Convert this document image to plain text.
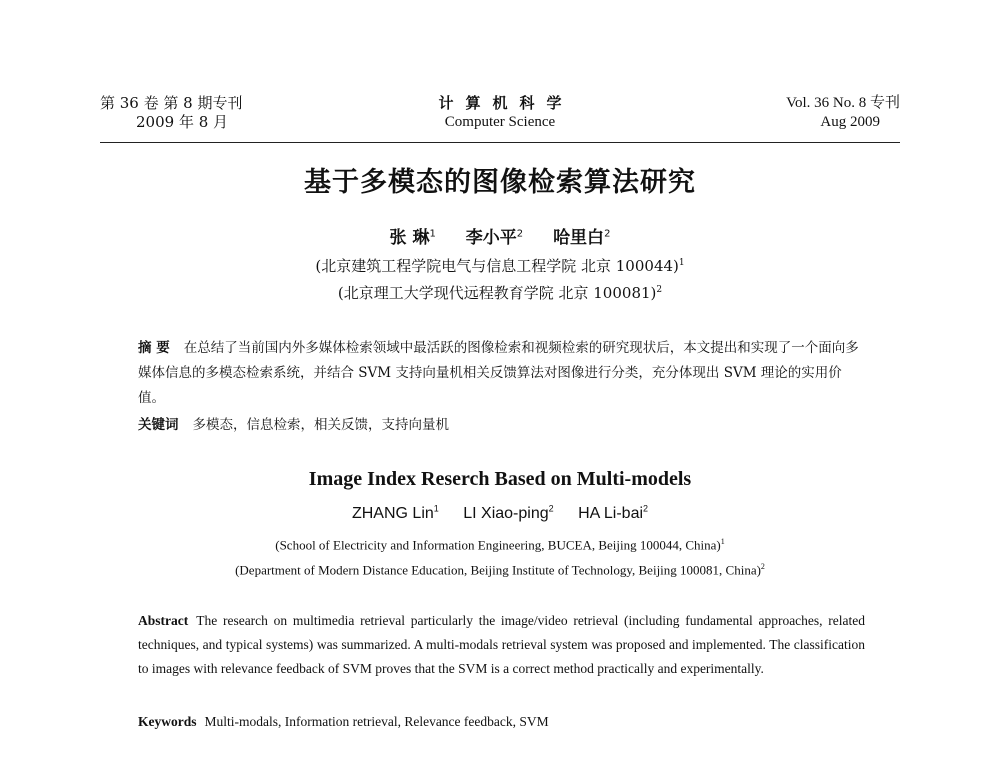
第 36 卷 第 8 期专刊
2009 年 8 月
计算机科学
Computer Science
Vol. 36 No. 8 专刊
Aug 2009
基于多模态的图像检索算法研究
张 琳$^1$ 李小平$^2$ 哈里白$^2$
(北京建筑工程学院电气与信息工程学院 北京 100044)$^1$
(北京理工大学现代远程教育学院 北京 100081)$^2$
摘 要 在总结了当前国内外多媒体检索领域中最活跃的图像检索和视频检索的研究现状后，本文提出和实现了一个面向多媒体信息的多模态检索系统，并结合 SVM 支持向量机相关反馈算法对图像进行分类，充分体现出 SVM 理论的实用价值。
关键词 多模态，信息检索，相关反馈，支持向量机
Image Index Reserch Based on Multi-models
ZHANG Lin$^1$ LI Xiao-ping$^2$ HA Li-bai$^2$
(School of Electricity and Information Engineering, BUCEA, Beijing 100044, China)$^1$
(Department of Modern Distance Education, Beijing Institute of Technology, Beijing 100081, China)$^2$
Abstract The research on multimedia retrieval particularly the image/video retrieval (including fundamental approaches, related techniques, and typical systems) was summarized. A multi-modals retrieval system was proposed and implemented. The classification to images with relevance feedback of SVM proves that the SVM is a correct method practically and experimentally.
Keywords Multi-modals, Information retrieval, Relevance feedback, SVM
